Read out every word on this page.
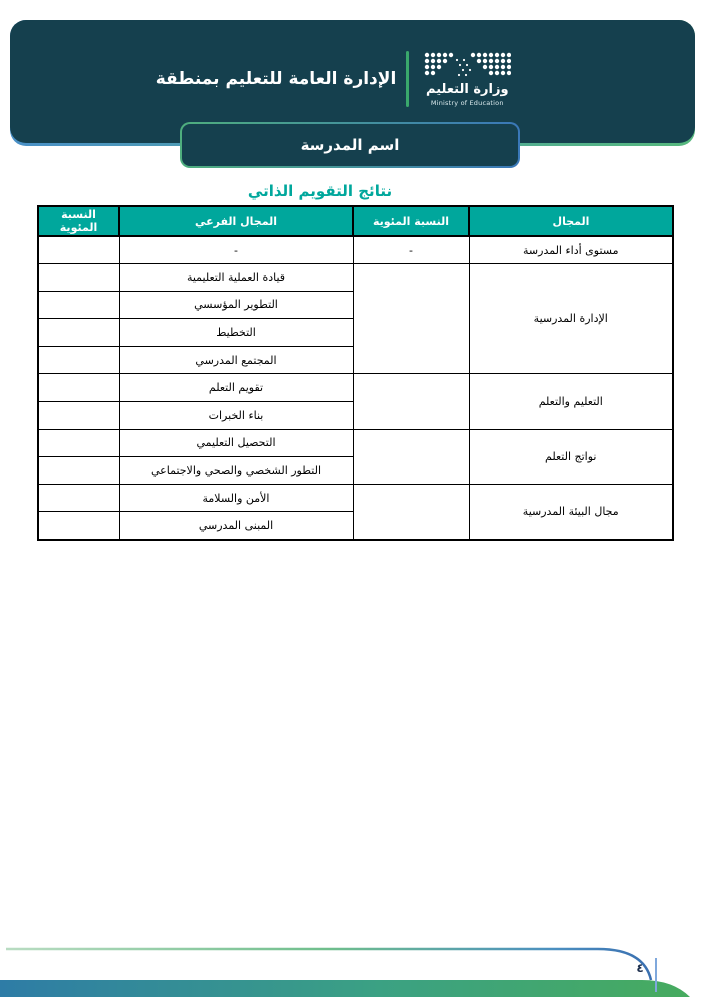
وزارة التعليم
Ministry of Education
الإدارة العامة للتعليم بمنطقة
اسم المدرسة
نتائج التقويم الذاتي
المجال	النسبة المئوية	المجال الفرعي	النسبة المئوية
مستوى أداء المدرسة	-	-	
الإدارة المدرسية		قيادة العملية التعليمية	
		التطوير المؤسسي	
		التخطيط	
		المجتمع المدرسي	
التعليم والتعلم		تقويم التعلم	
		بناء الخبرات	
نواتج التعلم		التحصيل التعليمي	
		التطور الشخصي والصحي والاجتماعي	
مجال البيئة المدرسية		الأمن والسلامة	
		المبنى المدرسي	
٤
